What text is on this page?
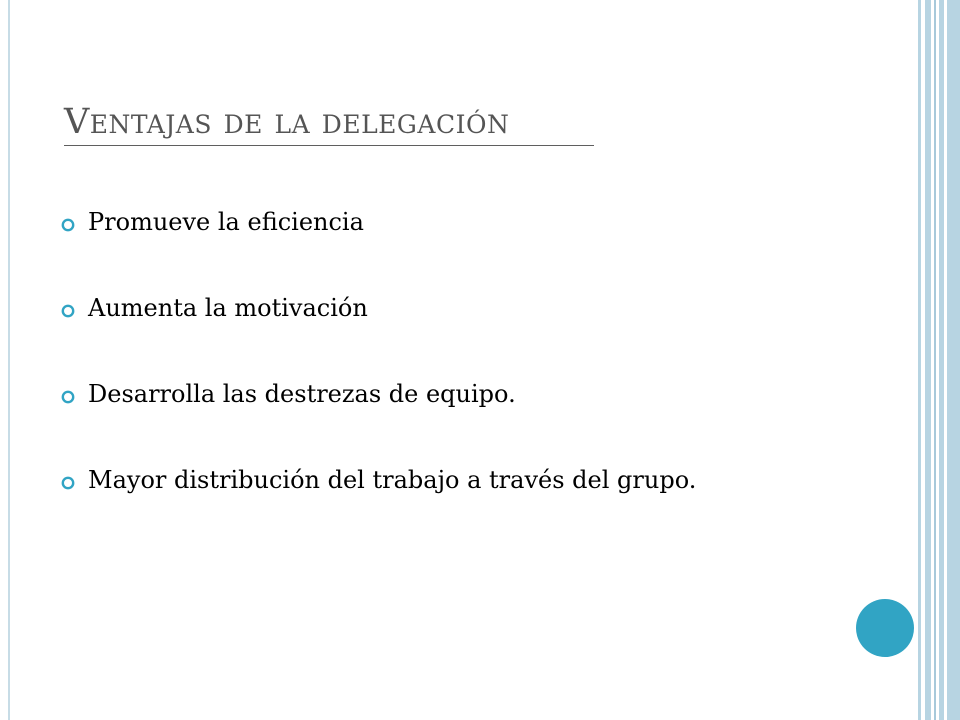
Ventajas de la delegación
Promueve la eficiencia
Aumenta la motivación
Desarrolla las destrezas de equipo.
Mayor distribución del trabajo a través del grupo.
